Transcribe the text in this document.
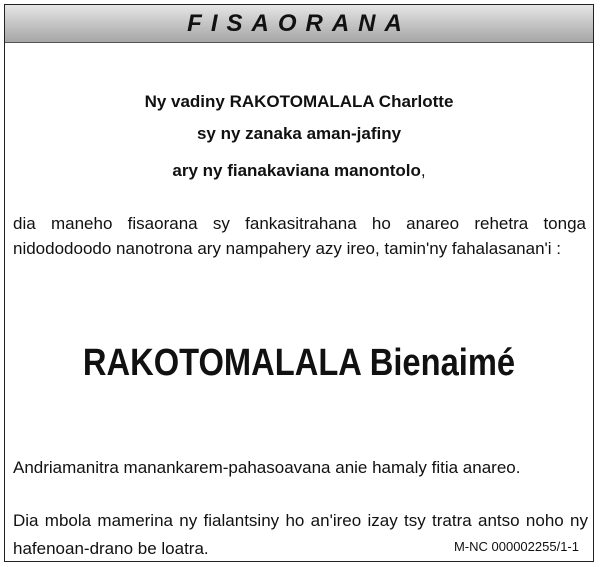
FISAORANA
Ny vadiny RAKOTOMALALA Charlotte
sy ny zanaka aman-jafiny
ary ny fianakaviana manontolo,
dia maneho fisaorana sy fankasitrahana ho anareo rehetra tonga nidododoodo nanotrona ary nampahery azy ireo, tamin'ny fahalasanan'i :
RAKOTOMALALA Bienaimé
Andriamanitra manankarem-pahasoavana anie hamaly fitia anareo.
Dia mbola mamerina ny fialantsiny ho an'ireo izay tsy tratra antso noho ny hafenoan-drano be loatra.	M-NC 000002255/1-1
